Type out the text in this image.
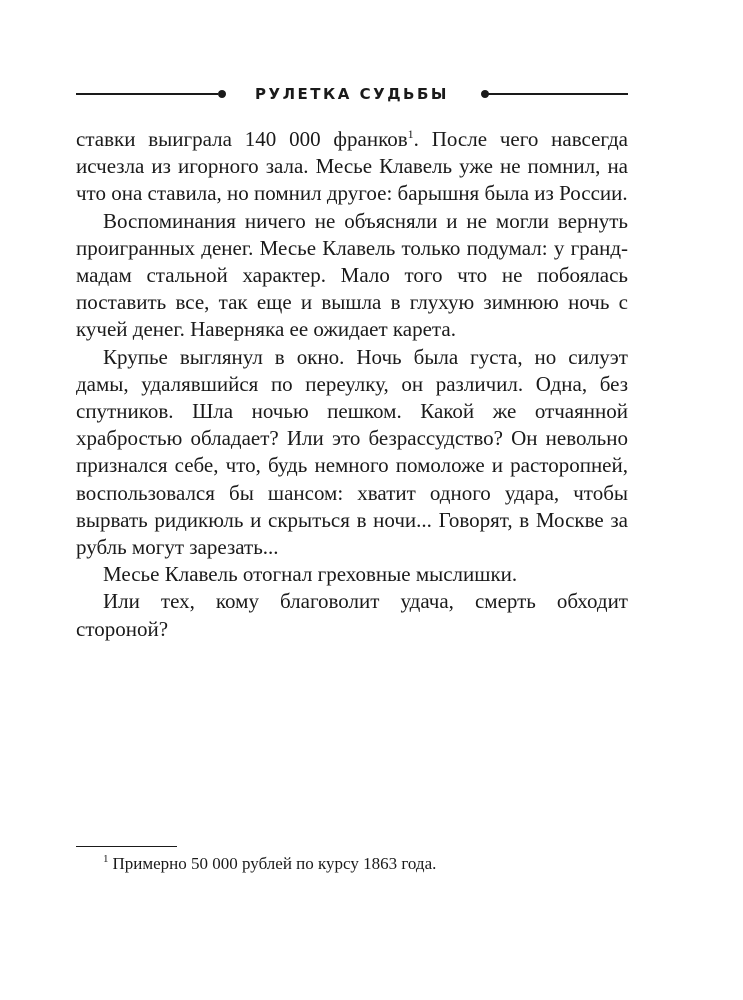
РУЛЕТКА СУДЬБЫ

ставки выиграла 140 000 франков$^1$. После чего навсегда исчезла из игорного зала. Месье Клавель уже не помнил, на что она ставила, но помнил другое: барышня была из России.

Воспоминания ничего не объясняли и не могли вернуть проигранных денег. Месье Клавель только подумал: у гранд-мадам стальной характер. Мало того что не побоялась поставить все, так еще и вышла в глухую зимнюю ночь с кучей денег. Наверняка ее ожидает карета.

Крупье выглянул в окно. Ночь была густа, но силуэт дамы, удалявшийся по переулку, он различил. Одна, без спутников. Шла ночью пешком. Какой же отчаянной храбростью обладает? Или это безрассудство? Он невольно признался себе, что, будь немного помоложе и расторопней, воспользовался бы шансом: хватит одного удара, чтобы вырвать ридикюль и скрыться в ночи... Говорят, в Москве за рубль могут зарезать...

Месье Клавель отогнал греховные мыслишки.

Или тех, кому благоволит удача, смерть обходит стороной?

1 Примерно 50 000 рублей по курсу 1863 года.
